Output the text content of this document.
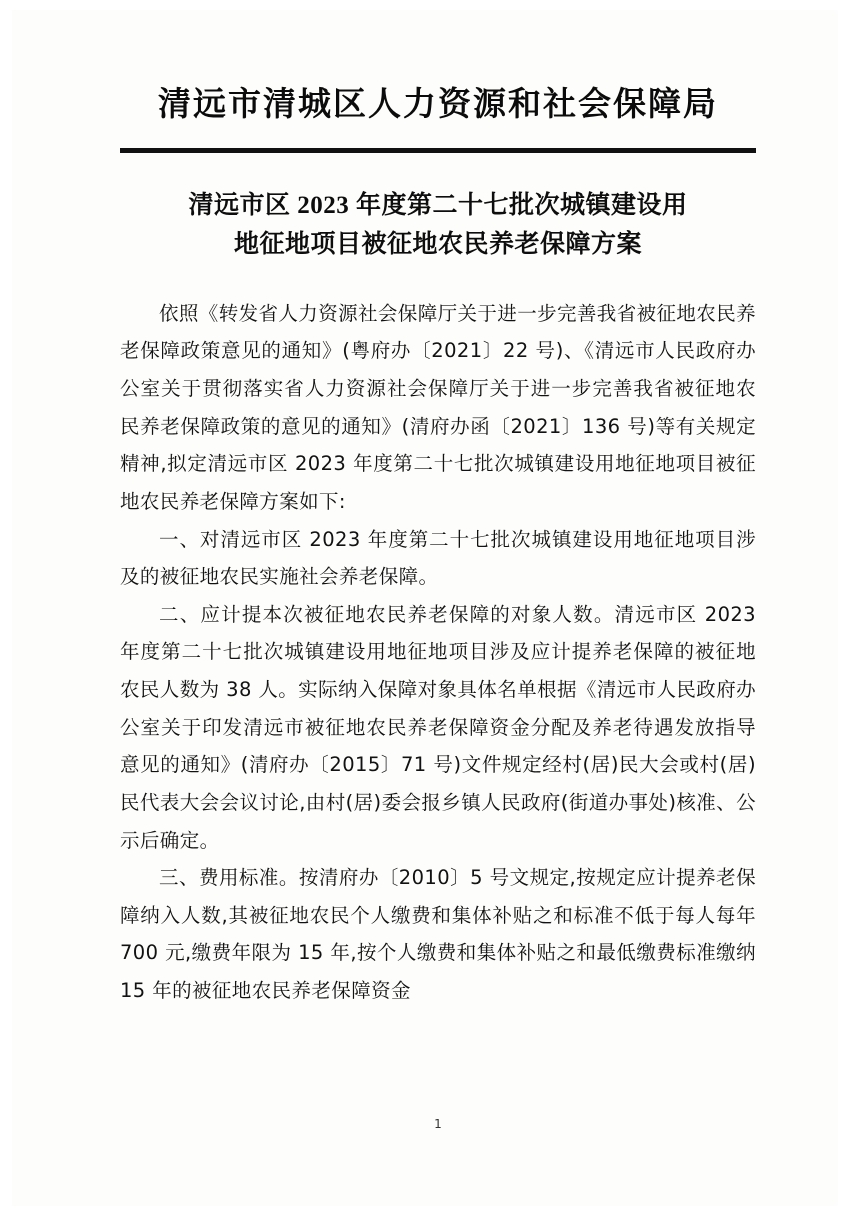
清远市清城区人力资源和社会保障局
清远市区 2023 年度第二十七批次城镇建设用
地征地项目被征地农民养老保障方案

依照《转发省人力资源社会保障厅关于进一步完善我省被征地农民养老保障政策意见的通知》(粤府办〔2021〕22 号)、《清远市人民政府办公室关于贯彻落实省人力资源社会保障厅关于进一步完善我省被征地农民养老保障政策的意见的通知》(清府办函〔2021〕136 号)等有关规定精神,拟定清远市区 2023 年度第二十七批次城镇建设用地征地项目被征地农民养老保障方案如下:

一、对清远市区 2023 年度第二十七批次城镇建设用地征地项目涉及的被征地农民实施社会养老保障。

二、应计提本次被征地农民养老保障的对象人数。清远市区 2023 年度第二十七批次城镇建设用地征地项目涉及应计提养老保障的被征地农民人数为 38 人。实际纳入保障对象具体名单根据《清远市人民政府办公室关于印发清远市被征地农民养老保障资金分配及养老待遇发放指导意见的通知》(清府办〔2015〕71 号)文件规定经村(居)民大会或村(居)民代表大会会议讨论,由村(居)委会报乡镇人民政府(街道办事处)核准、公示后确定。

三、费用标准。按清府办〔2010〕5 号文规定,按规定应计提养老保障纳入人数,其被征地农民个人缴费和集体补贴之和标准不低于每人每年 700 元,缴费年限为 15 年,按个人缴费和集体补贴之和最低缴费标准缴纳 15 年的被征地农民养老保障资金

1
